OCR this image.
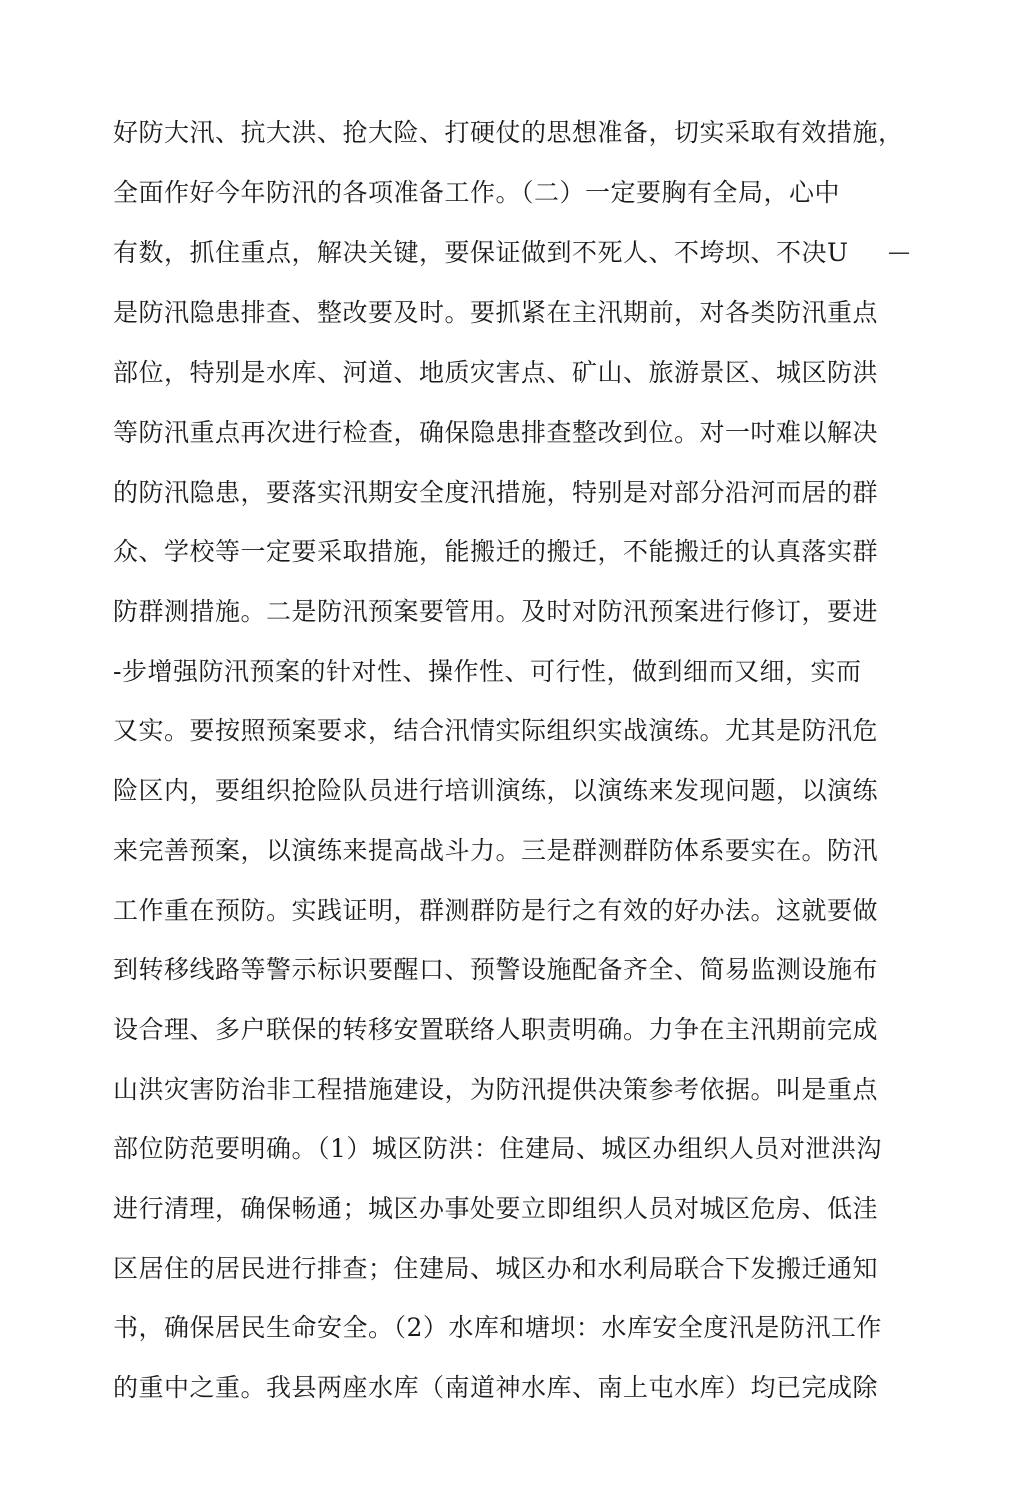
好防大汛、抗大洪、抢大险、打硬仗的思想准备，切实采取有效措施，
全面作好今年防汛的各项准备工作。（二）一定要胸有全局，心中
有数，抓住重点，解决关键，要保证做到不死人、不垮坝、不决U
是防汛隐患排查、整改要及时。要抓紧在主汛期前，对各类防汛重点
部位，特别是水库、河道、地质灾害点、矿山、旅游景区、城区防洪
等防汛重点再次进行检查，确保隐患排查整改到位。对一吋难以解决
的防汛隐患，要落实汛期安全度汛措施，特别是对部分沿河而居的群
众、学校等一定要采取措施，能搬迁的搬迁，不能搬迁的认真落实群
防群测措施。二是防汛预案要管用。及时对防汛预案进行修订，要进
-步增强防汛预案的针对性、操作性、可行性，做到细而又细，实而
又实。要按照预案要求，结合汛情实际组织实战演练。尤其是防汛危
险区内，要组织抢险队员进行培训演练，以演练来发现问题，以演练
来完善预案，以演练来提高战斗力。三是群测群防体系要实在。防汛
工作重在预防。实践证明，群测群防是行之有效的好办法。这就要做
到转移线路等警示标识要醒口、预警设施配备齐全、简易监测设施布
设合理、多户联保的转移安置联络人职责明确。力争在主汛期前完成
山洪灾害防治非工程措施建设，为防汛提供决策参考依据。叫是重点
部位防范要明确。（1）城区防洪：住建局、城区办组织人员对泄洪沟
进行清理，确保畅通；城区办事处要立即组织人员对城区危房、低洼
区居住的居民进行排查；住建局、城区办和水利局联合下发搬迁通知
书，确保居民生命安全。（2）水库和塘坝：水库安全度汛是防汛工作
的重中之重。我县两座水库（南道神水库、南上屯水库）均已完成除
—
